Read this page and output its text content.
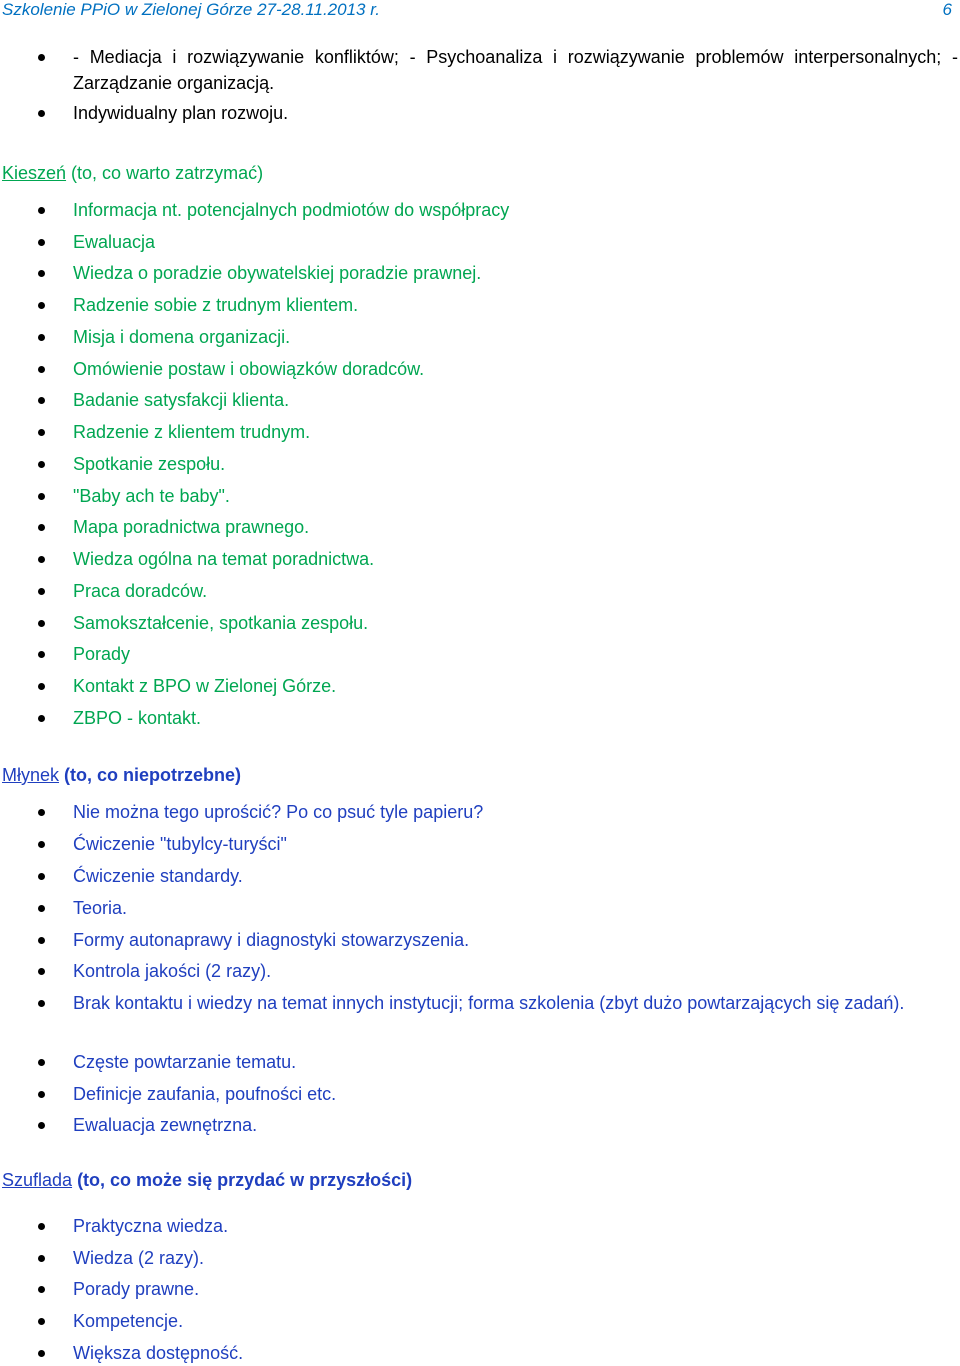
Szkolenie PPiO w Zielonej Górze 27-28.11.2013 r.	6
- Mediacja i rozwiązywanie konfliktów; - Psychoanaliza i rozwiązywanie problemów interpersonalnych; - Zarządzanie organizacją.
Indywidualny plan rozwoju.
Kieszeń (to, co warto zatrzymać)
Informacja nt. potencjalnych podmiotów do współpracy
Ewaluacja
Wiedza o poradzie obywatelskiej poradzie prawnej.
Radzenie sobie z trudnym klientem.
Misja i domena organizacji.
Omówienie postaw i obowiązków doradców.
Badanie satysfakcji klienta.
Radzenie z klientem trudnym.
Spotkanie zespołu.
"Baby ach te baby".
Mapa poradnictwa prawnego.
Wiedza ogólna na temat poradnictwa.
Praca doradców.
Samokształcenie, spotkania zespołu.
Porady
Kontakt z BPO w Zielonej Górze.
ZBPO - kontakt.
Młynek (to, co niepotrzebne)
Nie można tego uprościć? Po co psuć tyle papieru?
Ćwiczenie "tubylcy-turyści"
Ćwiczenie standardy.
Teoria.
Formy autonaprawy i diagnostyki stowarzyszenia.
Kontrola jakości (2 razy).
Brak kontaktu i wiedzy na temat innych instytucji; forma szkolenia (zbyt dużo powtarzających się zadań).
Częste powtarzanie tematu.
Definicje zaufania, poufności etc.
Ewaluacja zewnętrzna.
Szuflada (to, co może się przydać w przyszłości)
Praktyczna wiedza.
Wiedza (2 razy).
Porady prawne.
Kompetencje.
Większa dostępność.
